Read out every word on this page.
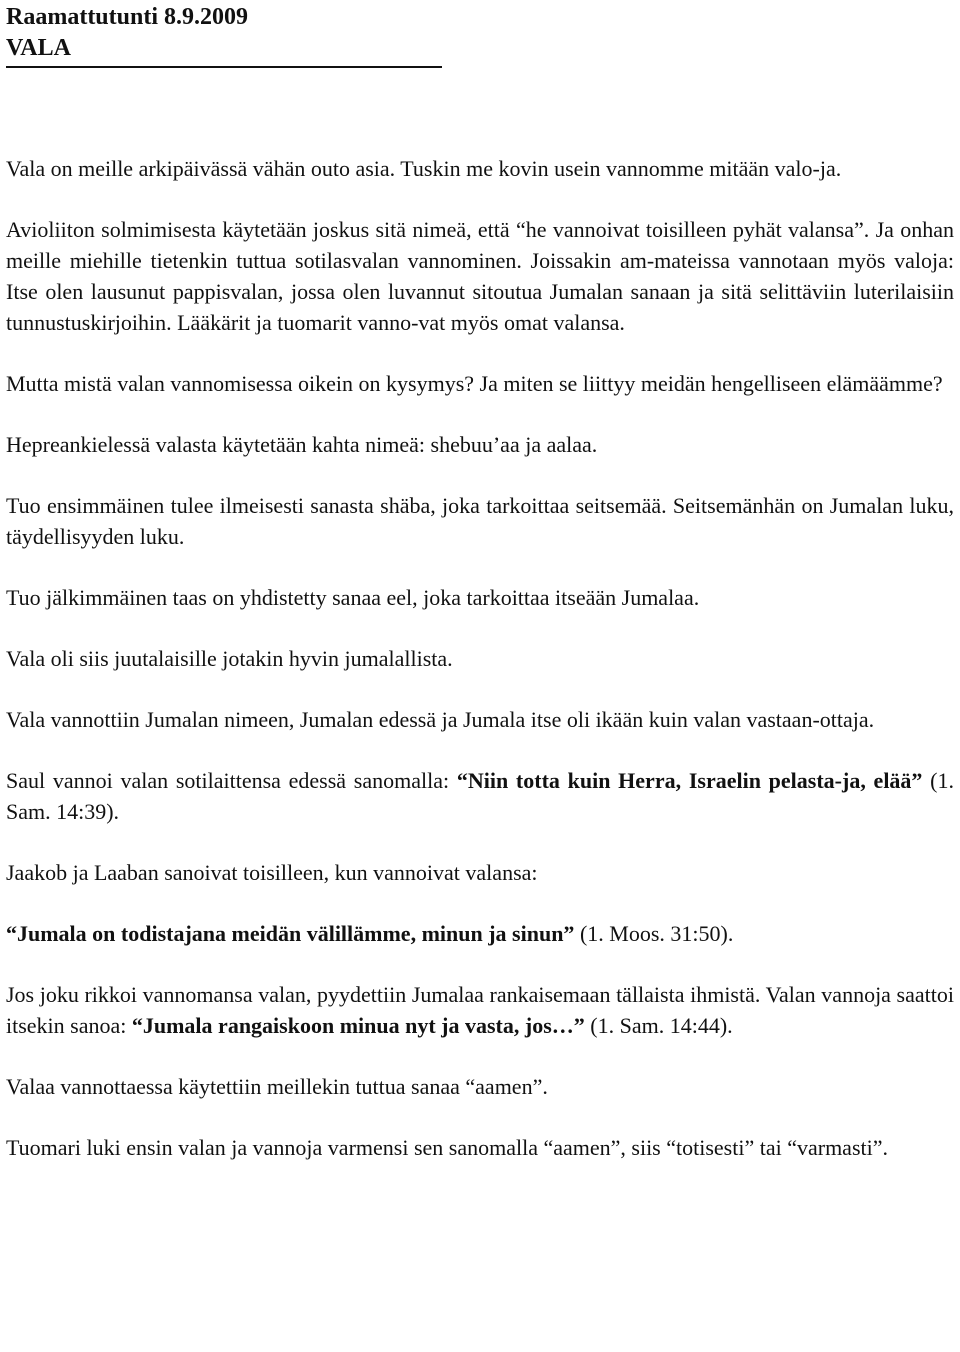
Raamattutunti 8.9.2009
VALA

Vala on meille arkipäivässä vähän outo asia. Tuskin me kovin usein vannomme mitään valo-ja.

Avioliiton solmimisesta käytetään joskus sitä nimeä, että “he vannoivat toisilleen pyhät valansa”. Ja onhan meille miehille tietenkin tuttua sotilasvalan vannominen. Joissakin am-mateissa vannotaan myös valoja: Itse olen lausunut pappisvalan, jossa olen luvannut sitoutua Jumalan sanaan ja sitä selittäviin luterilaisiin tunnustuskirjoihin. Lääkärit ja tuomarit vanno-vat myös omat valansa.

Mutta mistä valan vannomisessa oikein on kysymys? Ja miten se liittyy meidän hengelliseen elämäämme?

Hepreankielessä valasta käytetään kahta nimeä: shebuu’aa ja aalaa.

Tuo ensimmäinen tulee ilmeisesti sanasta shäba, joka tarkoittaa seitsemää. Seitsemänhän on Jumalan luku, täydellisyyden luku.

Tuo jälkimmäinen taas on yhdistetty sanaa eel, joka tarkoittaa itseään Jumalaa.

Vala oli siis juutalaisille jotakin hyvin jumalallista.

Vala vannottiin Jumalan nimeen, Jumalan edessä ja Jumala itse oli ikään kuin valan vastaan-ottaja.

Saul vannoi valan sotilaittensa edessä sanomalla: “Niin totta kuin Herra, Israelin pelasta-ja, elää” (1. Sam. 14:39).

Jaakob ja Laaban sanoivat toisilleen, kun vannoivat valansa:

“Jumala on todistajana meidän välillämme, minun ja sinun” (1. Moos. 31:50).

Jos joku rikkoi vannomansa valan, pyydettiin Jumalaa rankaisemaan tällaista ihmistä. Valan vannoja saattoi itsekin sanoa: “Jumala rangaiskoon minua nyt ja vasta, jos…” (1. Sam. 14:44).

Valaa vannottaessa käytettiin meillekin tuttua sanaa “aamen”.

Tuomari luki ensin valan ja vannoja varmensi sen sanomalla “aamen”, siis “totisesti” tai “varmasti”.
